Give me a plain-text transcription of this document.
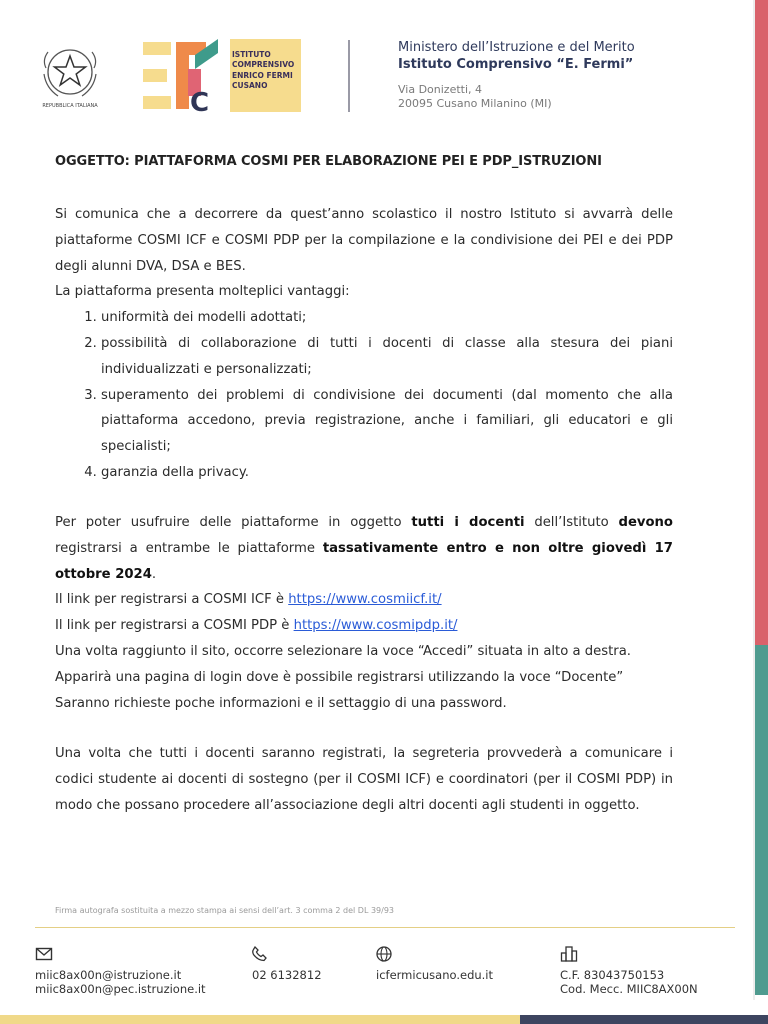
REPUBBLICA ITALIANA	C
ISTITUTO
COMPRENSIVO
ENRICO FERMI
CUSANO
Ministero dell’Istruzione e del Merito
Istituto Comprensivo “E. Fermi”
Via Donizetti, 4
20095 Cusano Milanino (MI)
OGGETTO: PIATTAFORMA COSMI PER ELABORAZIONE PEI E PDP_ISTRUZIONI

Si comunica che a decorrere da quest’anno scolastico il nostro Istituto si avvarrà delle piattaforme COSMI ICF e COSMI PDP per la compilazione e la condivisione dei PEI e dei PDP degli alunni DVA, DSA e BES.

La piattaforma presenta molteplici vantaggi:

1. uniformità dei modelli adottati;
2. possibilità di collaborazione di tutti i docenti di classe alla stesura dei piani individualizzati e personalizzati;
3. superamento dei problemi di condivisione dei documenti (dal momento che alla piattaforma accedono, previa registrazione, anche i familiari, gli educatori e gli specialisti;
4. garanzia della privacy.

Per poter usufruire delle piattaforme in oggetto tutti i docenti dell’Istituto devono registrarsi a entrambe le piattaforme tassativamente entro e non oltre giovedì 17 ottobre 2024.

Il link per registrarsi a COSMI ICF è https://www.cosmiicf.it/

Il link per registrarsi a COSMI PDP è https://www.cosmipdp.it/

Una volta raggiunto il sito, occorre selezionare la voce “Accedi” situata in alto a destra.

Apparirà una pagina di login dove è possibile registrarsi utilizzando la voce “Docente”

Saranno richieste poche informazioni e il settaggio di una password.

Una volta che tutti i docenti saranno registrati, la segreteria provvederà a comunicare i codici studente ai docenti di sostegno (per il COSMI ICF) e coordinatori (per il COSMI PDP) in modo che possano procedere all’associazione degli altri docenti agli studenti in oggetto.

Firma autografa sostituita a mezzo stampa ai sensi dell’art. 3 comma 2 del DL 39/93
miic8ax00n@istruzione.it
miic8ax00n@pec.istruzione.it
02 6132812	icfermicusano.edu.it	C.F. 83043750153
Cod. Mecc. MIIC8AX00N
